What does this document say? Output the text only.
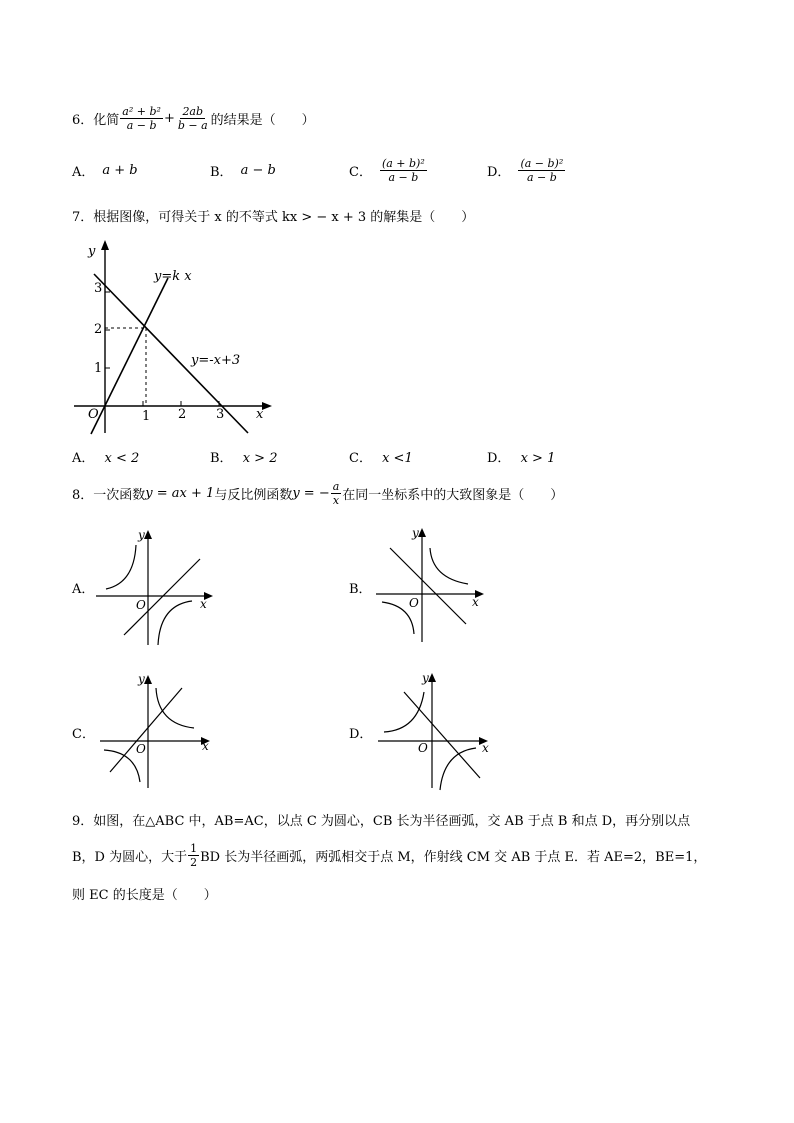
6． 化简 $\frac{\text{a² + b²}}{a - b} + \frac{2ab}{b - a}$ 的结果是（　　）
A． a + b	B． a − b	C． $\frac{\text{(a + b)²}}{a - b}$	D． $\frac{\text{(a − b)²}}{a - b}$
7．根据图像，可得关于 x 的不等式 kx > − x + 3 的解集是（　　）
y
x
O	1 2 3
1
2
3
y=k x
y=-x+3
A． x < 2	B． x > 2	C． x <1	D． x > 1
8． 一次函数 y = ax + 1 与反比例函数 y = − $\frac{a}{x}$ 在同一坐标系中的大致图象是（　　）
A．
O	x
y
B．
O	x
y
C．
O	x
y
D．
O	x
y
9．如图，在△ABC 中，AB=AC，以点 C 为圆心，CB 长为半径画弧，交 AB 于点 B 和点 D，再分别以点
B，D 为圆心，大于 $\frac{1}{2}$ BD 长为半径画弧，两弧相交于点 M，作射线 CM 交 AB 于点 E．若 AE=2，BE=1，
则 EC 的长度是（　　）
